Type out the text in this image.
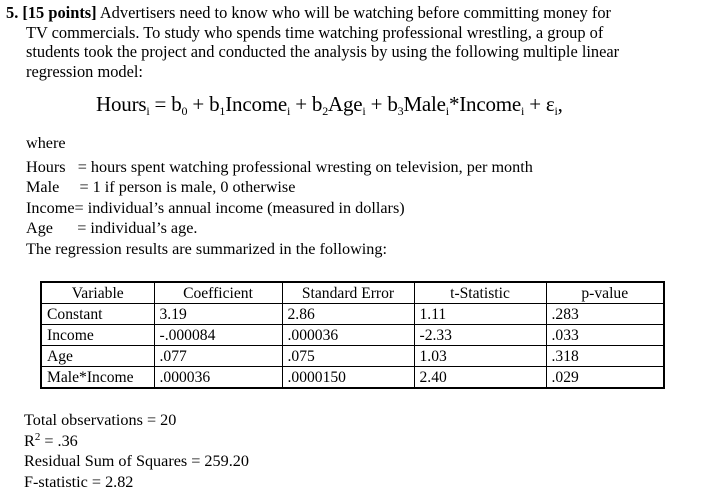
5. [15 points] Advertisers need to know who will be watching before committing money for
TV commercials. To study who spends time watching professional wrestling, a group of
students took the project and conducted the analysis by using the following multiple linear
regression model:
Hours$_i$ = $b_0$ + $b_1Income_i + b_2Age_i$ + $b_3Male_i*Income_i + \varepsilon_i$,
where
Hours   = hours spent watching professional wresting on television, per month
Male     = 1 if person is male, 0 otherwise
Income= individual’s annual income (measured in dollars)
Age      = individual’s age.
The regression results are summarized in the following:
Variable	Coefficient	Standard Error	t-Statistic	p-value
Constant	3.19	2.86	1.11	.283
Income	-.000084	.000036	-2.33	.033
Age	.077	.075	1.03	.318
Male*Income	.000036	.0000150	2.40	.029
Total observations = 20
$R^2 = .36$
Residual Sum of Squares = 259.20
F-statistic = 2.82
